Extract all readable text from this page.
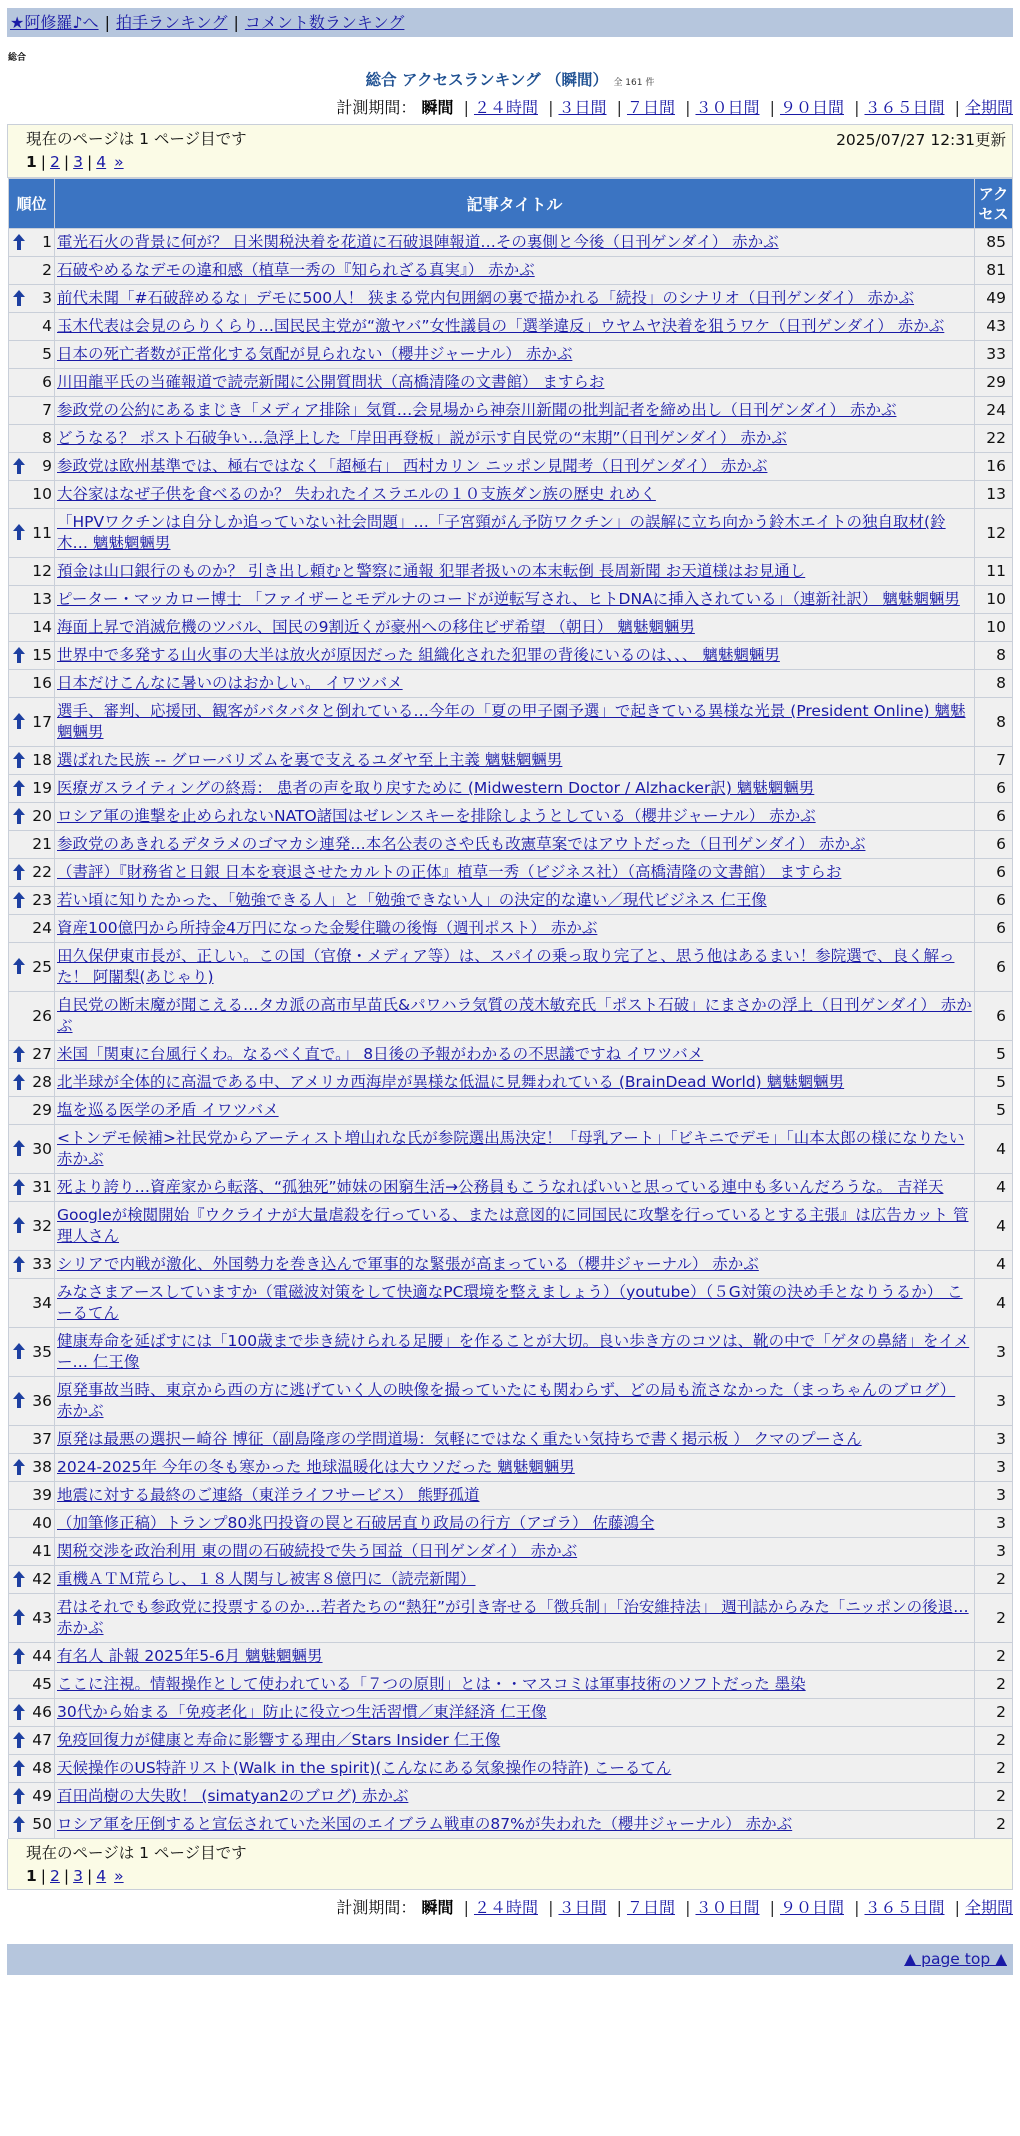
★阿修羅♪へ | 拍手ランキング | コメント数ランキング
総合
総合 アクセスランキング （瞬間） 全 161 件
計測期間： 瞬間 | ２４時間 | ３日間 | ７日間 | ３０日間 | ９０日間 | ３６５日間 | 全期間
現在のページは 1 ページ目です	2025/07/27 12:31更新
1 | 2 | 3 | 4 »
順位	記事タイトル	アクセス

1	電光石火の背景に何が？ 日米関税決着を花道に石破退陣報道…その裏側と今後（日刊ゲンダイ） 赤かぶ	85
2	石破やめるなデモの違和感（植草一秀の『知られざる真実』） 赤かぶ	81

3	前代未聞「#石破辞めるな」デモに500人！ 狭まる党内包囲網の裏で描かれる「続投」のシナリオ（日刊ゲンダイ） 赤かぶ	49
4	玉木代表は会見のらりくらり…国民民主党が“激ヤバ”女性議員の「選挙違反」ウヤムヤ決着を狙うワケ（日刊ゲンダイ） 赤かぶ	43
5	日本の死亡者数が正常化する気配が見られない（櫻井ジャーナル） 赤かぶ	33
6	川田龍平氏の当確報道で読売新聞に公開質問状（高橋清隆の文書館） ますらお	29
7	参政党の公約にあるまじき「メディア排除」気質…会見場から神奈川新聞の批判記者を締め出し（日刊ゲンダイ） 赤かぶ	24
8	どうなる？ ポスト石破争い…急浮上した「岸田再登板」説が示す自民党の“末期”（日刊ゲンダイ） 赤かぶ	22

9	参政党は欧州基準では、極右ではなく「超極右」 西村カリン ニッポン見聞考（日刊ゲンダイ） 赤かぶ	16
10	大谷家はなぜ子供を食べるのか？ 失われたイスラエルの１０支族ダン族の歴史 れめく	13

11	「HPVワクチンは自分しか追っていない社会問題」…「子宮頸がん予防ワクチン」の誤解に立ち向かう鈴木エイトの独自取材(鈴木… 魑魅魍魎男	12
12	預金は山口銀行のものか？ 引き出し頼むと警察に通報 犯罪者扱いの本末転倒 長周新聞 お天道様はお見通し	11
13	ピーター・マッカロー博士 「ファイザーとモデルナのコードが逆転写され、ヒトDNAに挿入されている」（連新社訳） 魑魅魍魎男	10
14	海面上昇で消滅危機のツバル、国民の9割近くが豪州への移住ビザ希望 （朝日） 魑魅魍魎男	10

15	世界中で多発する山火事の大半は放火が原因だった 組織化された犯罪の背後にいるのは、、、 魑魅魍魎男	8
16	日本だけこんなに暑いのはおかしい。 イワツバメ	8

17	選手、審判、応援団、観客がバタバタと倒れている…今年の「夏の甲子園予選」で起きている異様な光景 (President Online) 魑魅魍魎男	8

18	選ばれた民族 -- グローバリズムを裏で支えるユダヤ至上主義 魑魅魍魎男	7

19	医療ガスライティングの終焉： 患者の声を取り戻すために (Midwestern Doctor / Alzhacker訳) 魑魅魍魎男	6

20	ロシア軍の進撃を止められないNATO諸国はゼレンスキーを排除しようとしている（櫻井ジャーナル） 赤かぶ	6
21	参政党のあきれるデタラメのゴマカシ連発…本名公表のさや氏も改憲草案ではアウトだった（日刊ゲンダイ） 赤かぶ	6

22	（書評）『財務省と日銀 日本を衰退させたカルトの正体』植草一秀（ビジネス社）（高橋清隆の文書館） ますらお	6

23	若い頃に知りたかった、「勉強できる人」と「勉強できない人」の決定的な違い／現代ビジネス 仁王像	6
24	資産100億円から所持金4万円になった金髪住職の後悔（週刊ポスト） 赤かぶ	6

25	田久保伊東市長が、正しい。この国（官僚・メディア等）は、スパイの乗っ取り完了と、思う他はあるまい！参院選で、良く解った！ 阿闍梨(あじゃり)	6
26	自民党の断末魔が聞こえる…タカ派の高市早苗氏&パワハラ気質の茂木敏充氏「ポスト石破」にまさかの浮上（日刊ゲンダイ） 赤かぶ	6

27	米国「関東に台風行くわ。なるべく直で。」 8日後の予報がわかるの不思議ですね イワツバメ	5

28	北半球が全体的に高温である中、アメリカ西海岸が異様な低温に見舞われている (BrainDead World) 魑魅魍魎男	5
29	塩を巡る医学の矛盾 イワツバメ	5

30	<トンデモ候補>社民党からアーティスト増山れな氏が参院選出馬決定！「母乳アート」「ビキニでデモ」「山本太郎の様になりたい 赤かぶ	4

31	死より誇り…資産家から転落、“孤独死”姉妹の困窮生活→公務員もこうなればいいと思っている連中も多いんだろうな。 吉祥天	4

32	Googleが検閲開始『ウクライナが大量虐殺を行っている、または意図的に同国民に攻撃を行っているとする主張』は広告カット 管理人さん	4

33	シリアで内戦が激化、外国勢力を巻き込んで軍事的な緊張が高まっている（櫻井ジャーナル） 赤かぶ	4
34	みなさまアースしていますか（電磁波対策をして快適なPC環境を整えましょう）（youtube）（５G対策の決め手となりうるか） こーるてん	4

35	健康寿命を延ばすには「100歳まで歩き続けられる足腰」を作ることが大切。良い歩き方のコツは、靴の中で「ゲタの鼻緒」をイメー… 仁王像	3

36	原発事故当時、東京から西の方に逃げていく人の映像を撮っていたにも関わらず、どの局も流さなかった（まっちゃんのブログ） 赤かぶ	3
37	原発は最悪の選択ー崎谷 博征（副島隆彦の学問道場：気軽にではなく重たい気持ちで書く掲示板 ） クマのプーさん	3

38	2024-2025年 今年の冬も寒かった 地球温暖化は大ウソだった 魑魅魍魎男	3
39	地震に対する最終のご連絡（東洋ライフサービス） 熊野孤道	3
40	（加筆修正稿）トランプ80兆円投資の罠と石破居直り政局の行方（アゴラ） 佐藤鴻全	3
41	関税交渉を政治利用 東の間の石破続投で失う国益（日刊ゲンダイ） 赤かぶ	3

42	重機ＡＴＭ荒らし、１８人関与し被害８億円に（読売新聞）	2

43	君はそれでも参政党に投票するのか…若者たちの“熱狂”が引き寄せる「徴兵制」「治安維持法」 週刊誌からみた「ニッポンの後退… 赤かぶ	2

44	有名人 訃報 2025年5-6月 魑魅魍魎男	2
45	ここに注視。情報操作として使われている「７つの原則」とは・・マスコミは軍事技術のソフトだった 墨染	2

46	30代から始まる「免疫老化」防止に役立つ生活習慣／東洋経済 仁王像	2

47	免疫回復力が健康と寿命に影響する理由／Stars Insider 仁王像	2

48	天候操作のUS特許リスト(Walk in the spirit)(こんなにある気象操作の特許) こーるてん	2

49	百田尚樹の大失敗！ (simatyan2のブログ) 赤かぶ	2

50	ロシア軍を圧倒すると宣伝されていた米国のエイブラム戦車の87%が失われた（櫻井ジャーナル） 赤かぶ	2
現在のページは 1 ページ目です
1 | 2 | 3 | 4 »
計測期間： 瞬間 | ２４時間 | ３日間 | ７日間 | ３０日間 | ９０日間 | ３６５日間 | 全期間
▲ page top ▲
